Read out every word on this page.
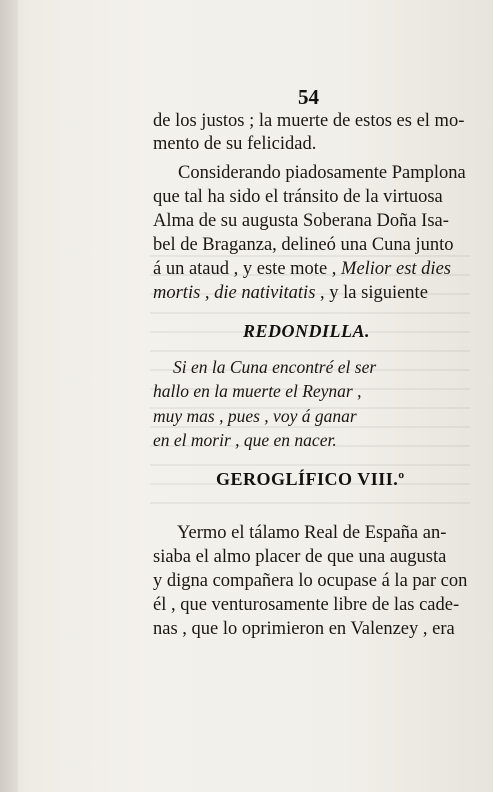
54
de los justos ; la muerte de estos es el mo-
mento de su felicidad.
Considerando piadosamente Pamplona
que tal ha sido el tránsito de la virtuosa
Alma de su augusta Soberana Doña Isa-
bel de Braganza, delineó una Cuna junto
á un ataud , y este mote , Melior est dies
mortis , die nativitatis , y la siguiente
REDONDILLA.
Si en la Cuna encontré el ser
hallo en la muerte el Reynar ,
muy mas , pues , voy á ganar
en el morir , que en nacer.
GEROGLÍFICO VIII.º
Yermo el tálamo Real de España an-
siaba el almo placer de que una augusta
y digna compañera lo ocupase á la par con
él , que venturosamente libre de las cade-
nas , que lo oprimieron en Valenzey , era
